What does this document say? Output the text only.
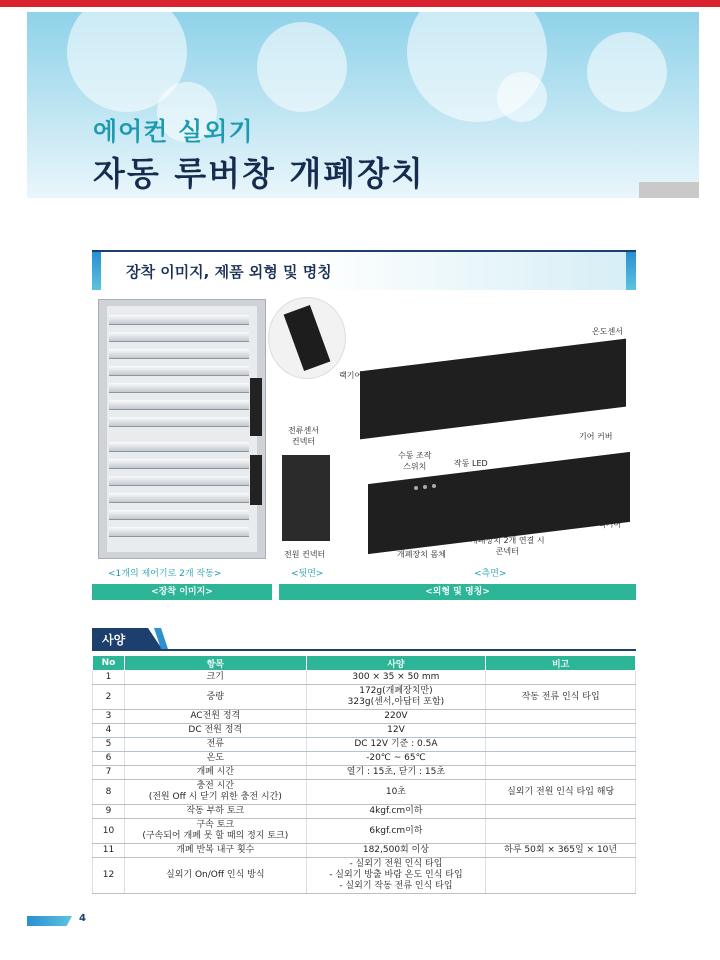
에어컨 실외기
자동 루버창 개폐장치
장착 이미지, 제품 외형 및 명칭
온도센서
랙기어
기어 커버
전류센서
컨넥터
수동 조작
스위치	작동 LED
랙기어
전원 컨넥터	개폐장치 몸체
개폐장치 2개 연결 시
콘넥터
<1개의 제어기로 2개 작동>	<뒷면>	<측면>
<장착 이미지>	<외형 및 명칭>
사양
No	항목	사양	비고

1	크기	300 × 35 × 50 mm	

2	중량	172g(개폐장치만)
323g(센서,아답터 포함)	작동 전류 인식 타입

3	AC전원 정격	220V	

4	DC 전원 정격	12V	

5	전류	DC 12V 기준 : 0.5A	

6	온도	-20℃ ~ 65℃	

7	개폐 시간	열기 : 15초, 닫기 : 15초	

8	충전 시간
(전원 Off 시 닫기 위한 충전 시간)	10초	실외기 전원 인식 타입 해당

9	작동 부하 토크	4kgf.cm이하	

10	구속 토크
(구속되어 개폐 못 할 때의 정지 토크)	6kgf.cm이하	

11	개폐 반복 내구 횟수	182,500회 이상	하루 50회 × 365일 × 10년

12	실외기 On/Off 인식 방식	- 실외기 전원 인식 타입
- 실외기 방출 바람 온도 인식 타입
- 실외기 작동 전류 인식 타입	

4
